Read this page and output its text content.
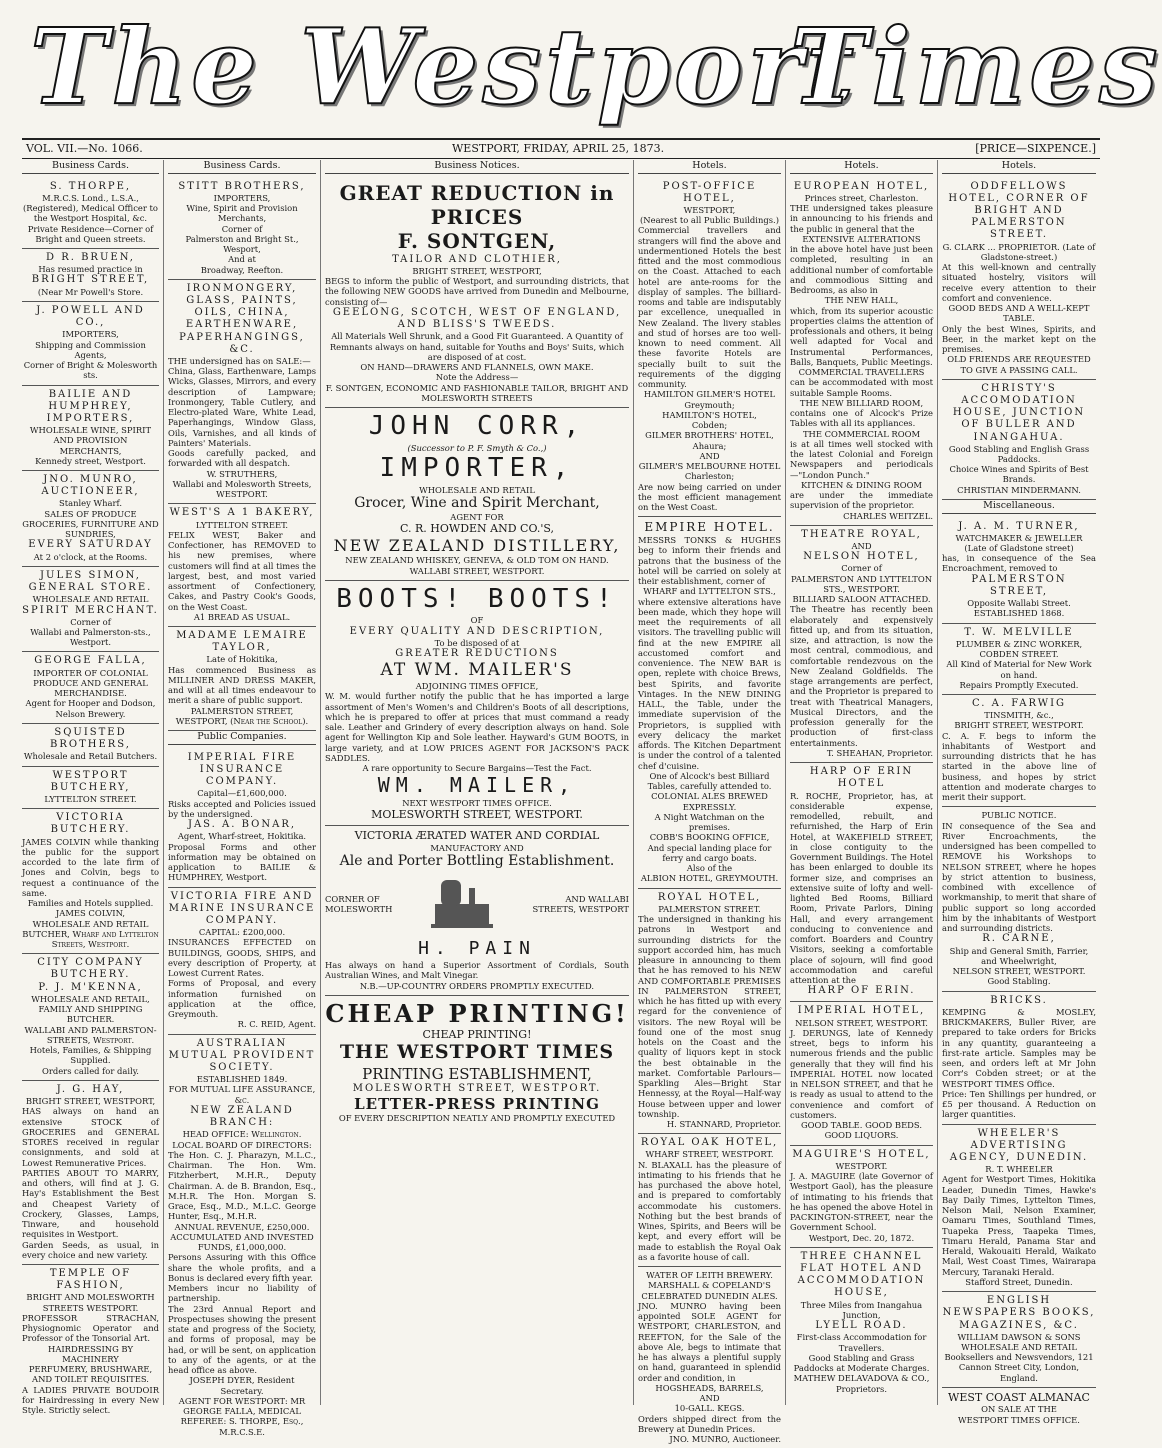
The Westport
Times
VOL. VII.—No. 1066.	WESTPORT, FRIDAY, APRIL 25, 1873.	[PRICE—SIXPENCE.]
Business Cards.
S. THORPE,
M.R.C.S. Lond., L.S.A., (Registered), Medical Officer to the Westport Hospital, &c.
Private Residence—Corner of Bright and Queen streets.
D R. BRUEN,
Has resumed practice in
BRIGHT STREET,
(Near Mr Powell's Store.
J. POWELL AND CO.,
IMPORTERS,
Shipping and Commission Agents,
Corner of Bright & Molesworth sts.
BAILIE AND HUMPHREY, IMPORTERS,
WHOLESALE WINE, SPIRIT AND PROVISION MERCHANTS,
Kennedy street, Westport.
JNO. MUNRO,
AUCTIONEER,
Stanley Wharf.
SALES OF PRODUCE GROCERIES, FURNITURE AND SUNDRIES,
EVERY SATURDAY
At 2 o'clock, at the Rooms.
JULES SIMON,
GENERAL STORE.
WHOLESALE AND RETAIL
SPIRIT MERCHANT.
Corner of
Wallabi and Palmerston-sts., Westport.
GEORGE FALLA,
IMPORTER OF COLONIAL PRODUCE AND GENERAL MERCHANDISE.
Agent for Hooper and Dodson, Nelson Brewery.
SQUISTED BROTHERS,
Wholesale and Retail Butchers.
WESTPORT BUTCHERY,
LYTTELTON STREET.
VICTORIA BUTCHERY.
JAMES COLVIN while thanking the public for the support accorded to the late firm of Jones and Colvin, begs to request a continuance of the same.
Families and Hotels supplied.
JAMES COLVIN,
WHOLESALE AND RETAIL BUTCHER, Wharf and Lyttelton Streets, Westport.
CITY COMPANY BUTCHERY.
P. J. M'KENNA,
WHOLESALE AND RETAIL, FAMILY AND SHIPPING BUTCHER.
WALLABI AND PALMERSTON-STREETS, Westport.
Hotels, Families, & Shipping Supplied.
Orders called for daily.
J. G. HAY,
BRIGHT STREET, WESTPORT,
HAS always on hand an extensive STOCK of GROCERIES and GENERAL STORES received in regular consignments, and sold at Lowest Remunerative Prices.
PARTIES ABOUT TO MARRY, and others, will find at J. G. Hay's Establishment the Best and Cheapest Variety of Crockery, Glasses, Lamps, Tinware, and household requisites in Westport.
Garden Seeds, as usual, in every choice and new variety.
TEMPLE OF FASHION,
BRIGHT AND MOLESWORTH STREETS WESTPORT.
PROFESSOR STRACHAN, Physiognomic Operator and Professor of the Tonsorial Art.
HAIRDRESSING BY MACHINERY
PERFUMERY, BRUSHWARE, AND TOILET REQUISITES.
A LADIES PRIVATE BOUDOIR for Hairdressing in every New Style. Strictly select.
Business Cards.
STITT BROTHERS,
IMPORTERS,
Wine, Spirit and Provision Merchants,
Corner of
Palmerston and Bright St., Wesport,
And at
Broadway, Reefton.
IRONMONGERY, GLASS, PAINTS, OILS, CHINA, EARTHENWARE, PAPERHANGINGS, &C.
THE undersigned has on SALE:—
China, Glass, Earthenware, Lamps Wicks, Glasses, Mirrors, and every description of Lampware; Ironmongery, Table Cutlery, and Electro-plated Ware, White Lead, Paperhangings, Window Glass, Oils, Varnishes, and all kinds of Painters' Materials.
Goods carefully packed, and forwarded with all despatch.
W. STRUTHERS,
Wallabi and Molesworth Streets, WESTPORT.
WEST'S A 1 BAKERY,
LYTTELTON STREET.
FELIX WEST, Baker and Confectioner, has REMOVED to his new premises, where customers will find at all times the largest, best, and most varied assortment of Confectionery, Cakes, and Pastry Cook's Goods, on the West Coast.
A1 BREAD AS USUAL.
MADAME LEMAIRE TAYLOR,
Late of Hokitika,
Has commenced Business as MILLINER AND DRESS MAKER, and will at all times endeavour to merit a share of public support.
PALMERSTON STREET, WESTPORT, (Near the School).
Public Companies.
IMPERIAL FIRE INSURANCE COMPANY.
Capital—£1,600,000.
Risks accepted and Policies issued by the undersigned.
JAS. A. BONAR,
Agent, Wharf-street, Hokitika.
Proposal Forms and other information may be obtained on application to BAILIE & HUMPHREY, Westport.
VICTORIA FIRE AND MARINE INSURANCE COMPANY.
CAPITAL: £200,000.
INSURANCES EFFECTED on BUILDINGS, GOODS, SHIPS, and every description of Property, at Lowest Current Rates.
Forms of Proposal, and every information furnished on application at the office, Greymouth.
R. C. REID, Agent.
AUSTRALIAN MUTUAL PROVIDENT SOCIETY.
ESTABLISHED 1849.
FOR MUTUAL LIFE ASSURANCE, &c.
NEW ZEALAND BRANCH:
HEAD OFFICE: Wellington.
LOCAL BOARD OF DIRECTORS:
The Hon. C. J. Pharazyn, M.L.C., Chairman. The Hon. Wm. Fitzherbert, M.H.R., Deputy Chairman. A. de B. Brandon, Esq., M.H.R. The Hon. Morgan S. Grace, Esq., M.D., M.L.C. George Hunter, Esq., M.H.R.
ANNUAL REVENUE, £250,000. ACCUMULATED AND INVESTED FUNDS, £1,000,000.
Persons Assuring with this Office share the whole profits, and a Bonus is declared every fifth year.
Members incur no liability of partnership.
The 23rd Annual Report and Prospectuses showing the present state and progress of the Society, and forms of proposal, may be had, or will be sent, on application to any of the agents, or at the head office as above.
JOSEPH DYER, Resident Secretary.
AGENT FOR WESTPORT: MR GEORGE FALLA, MEDICAL REFEREE: S. THORPE, Esq., M.R.C.S.E.
Business Notices.
GREAT REDUCTION in PRICES
F. SONTGEN,
TAILOR AND CLOTHIER,
BRIGHT STREET, WESTPORT,
BEGS to inform the public of Westport, and surrounding districts, that the following NEW GOODS have arrived from Dunedin and Melbourne, consisting of—
GEELONG, SCOTCH, WEST OF ENGLAND, AND BLISS'S TWEEDS.
All Materials Well Shrunk, and a Good Fit Guaranteed. A Quantity of Remnants always on hand, suitable for Youths and Boys' Suits, which are disposed of at cost.
ON HAND—DRAWERS AND FLANNELS, OWN MAKE.
Note the Address—
F. SONTGEN, ECONOMIC AND FASHIONABLE TAILOR, BRIGHT AND MOLESWORTH STREETS
JOHN CORR,
(Successor to P. F. Smyth & Co.,)
IMPORTER,
WHOLESALE AND RETAIL
Grocer, Wine and Spirit Merchant,
AGENT FOR
C. R. HOWDEN AND CO.'S,
NEW ZEALAND DISTILLERY,
NEW ZEALAND WHISKEY, GENEVA, & OLD TOM ON HAND.
WALLABI STREET, WESTPORT.
BOOTS! BOOTS!
OF
EVERY QUALITY AND DESCRIPTION,
To be disposed of at
GREATER REDUCTIONS
AT WM. MAILER'S
ADJOINING TIMES OFFICE,
W. M. would further notify the public that he has imported a large assortment of Men's Women's and Children's Boots of all descriptions, which he is prepared to offer at prices that must command a ready sale. Leather and Grindery of every description always on hand. Sole agent for Wellington Kip and Sole leather. Hayward's GUM BOOTS, in large variety, and at LOW PRICES AGENT FOR JACKSON'S PACK SADDLES.
A rare opportunity to Secure Bargains—Test the Fact.
WM. MAILER,
NEXT WESTPORT TIMES OFFICE.
MOLESWORTH STREET, WESTPORT.
VICTORIA ÆRATED WATER AND CORDIAL
MANUFACTORY AND
Ale and Porter Bottling Establishment.
CORNER OF
MOLESWORTH
AND WALLABI
STREETS, WESTPORT
H. PAIN
Has always on hand a Superior Assortment of Cordials, South Australian Wines, and Malt Vinegar.
N.B.—UP-COUNTRY ORDERS PROMPTLY EXECUTED.
CHEAP PRINTING!
CHEAP PRINTING!
THE WESTPORT TIMES
PRINTING ESTABLISHMENT,
MOLESWORTH STREET, WESTPORT.
LETTER-PRESS PRINTING
OF EVERY DESCRIPTION NEATLY AND PROMPTLY EXECUTED
Hotels.
POST-OFFICE HOTEL,
WESTPORT,
(Nearest to all Public Buildings.)
Commercial travellers and strangers will find the above and undermentioned Hotels the best fitted and the most commodious on the Coast. Attached to each hotel are ante-rooms for the display of samples. The billiard-rooms and table are indisputably par excellence, unequalled in New Zealand. The livery stables and stud of horses are too well-known to need comment. All these favorite Hotels are specially built to suit the requirements of the digging community.
HAMILTON GILMER'S HOTEL
Greymouth;
HAMILTON'S HOTEL,
Cobden;
GILMER BROTHERS' HOTEL,
Ahaura;
AND
GILMER'S MELBOURNE HOTEL
Charleston;
Are now being carried on under the most efficient management on the West Coast.
EMPIRE HOTEL.
MESSRS TONKS & HUGHES beg to inform their friends and patrons that the business of the hotel will be carried on solely at their establishment, corner of
WHARF and LYTTELTON STS.,
where extensive alterations have been made, which they hope will meet the requirements of all visitors. The travelling public will find at the new EMPIRE all accustomed comfort and convenience. The NEW BAR is open, replete with choice Brews, best Spirits, and favorite Vintages. In the NEW DINING HALL, the Table, under the immediate supervision of the Proprietors, is supplied with every delicacy the market affords. The Kitchen Department is under the control of a talented chef d'cuisine.
One of Alcock's best Billiard Tables, carefully attended to.
COLONIAL ALES BREWED EXPRESSLY.
A Night Watchman on the premises.
COBB'S BOOKING OFFICE,
And special landing place for ferry and cargo boats.
Also of the
ALBION HOTEL, GREYMOUTH.
ROYAL HOTEL,
PALMERSTON STREET.
The undersigned in thanking his patrons in Westport and surrounding districts for the support accorded him, has much pleasure in announcing to them that he has removed to his NEW AND COMFORTABLE PREMISES IN PALMERSTON STREET, which he has fitted up with every regard for the convenience of visitors. The new Royal will be found one of the most snug hotels on the Coast and the quality of liquors kept in stock the best obtainable in the market. Comfortable Parlours—Sparkling Ales—Bright Star Hennessy, at the Royal—Half-way House between upper and lower township.
H. STANNARD, Proprietor.
ROYAL OAK HOTEL,
WHARF STREET, WESTPORT.
N. BLAXALL has the pleasure of intimating to his friends that he has purchased the above hotel, and is prepared to comfortably accommodate his customers. Nothing but the best brands of Wines, Spirits, and Beers will be kept, and every effort will be made to establish the Royal Oak as a favorite house of call.
WATER OF LEITH BREWERY.
MARSHALL & COPELAND'S CELEBRATED DUNEDIN ALES.
JNO. MUNRO having been appointed SOLE AGENT for WESTPORT, CHARLESTON, and REEFTON, for the Sale of the above Ale, begs to intimate that he has always a plentiful supply on hand, guaranteed in splendid order and condition, in
HOGSHEADS, BARRELS,
AND
10-GALL. KEGS.
Orders shipped direct from the Brewery at Dunedin Prices.
JNO. MUNRO, Auctioneer.
Hotels.
EUROPEAN HOTEL,
Princes street, Charleston.
THE undersigned takes pleasure in announcing to his friends and the public in general that the
EXTENSIVE ALTERATIONS
in the above hotel have just been completed, resulting in an additional number of comfortable and commodious Sitting and Bedrooms, as also in
THE NEW HALL,
which, from its superior acoustic properties claims the attention of professionals and others, it being well adapted for Vocal and Instrumental Performances, Balls, Banquets, Public Meetings.
COMMERCIAL TRAVELLERS
can be accommodated with most suitable Sample Rooms.
THE NEW BILLIARD ROOM,
contains one of Alcock's Prize Tables with all its appliances.
THE COMMERCIAL ROOM
is at all times well stocked with the latest Colonial and Foreign Newspapers and periodicals—"London Punch."
KITCHEN & DINING ROOM
are under the immediate supervision of the proprietor.
CHARLES WEITZEL.
THEATRE ROYAL,
AND
NELSON HOTEL,
Corner of
PALMERSTON AND LYTTELTON STS., WESTPORT.
BILLIARD SALOON ATTACHED.
The Theatre has recently been elaborately and expensively fitted up, and from its situation, size, and attraction, is now the most central, commodious, and comfortable rendezvous on the New Zealand Goldfields. The stage arrangements are perfect, and the Proprietor is prepared to treat with Theatrical Managers, Musical Directors, and the profession generally for the production of first-class entertainments.
T. SHEAHAN, Proprietor.
HARP OF ERIN HOTEL
R. ROCHE, Proprietor, has, at considerable expense, remodelled, rebuilt, and refurnished, the Harp of Erin Hotel, at WAKEFIELD STREET, in close contiguity to the Government Buildings. The Hotel has been enlarged to double its former size, and comprises an extensive suite of lofty and well-lighted Bed Rooms, Billiard Room, Private Parlors, Dining Hall, and every arrangement conducing to convenience and comfort. Boarders and Country Visitors, seeking a comfortable place of sojourn, will find good accommodation and careful attention at the
HARP OF ERIN.
IMPERIAL HOTEL,
NELSON STREET, WESTPORT.
J. DERUNGS, late of Kennedy street, begs to inform his numerous friends and the public generally that they will find his IMPERIAL HOTEL now located in NELSON STREET, and that he is ready as usual to attend to the convenience and comfort of customers.
GOOD TABLE. GOOD BEDS.
GOOD LIQUORS.
MAGUIRE'S HOTEL,
WESTPORT.
J. A. MAGUIRE (late Governor of Westport Gaol), has the pleasure of intimating to his friends that he has opened the above Hotel in PACKINGTON-STREET, near the Government School.
Westport, Dec. 20, 1872.
THREE CHANNEL FLAT HOTEL AND ACCOMMODATION HOUSE,
Three Miles from Inangahua Junction,
LYELL ROAD.
First-class Accommodation for Travellers.
Good Stabling and Grass Paddocks at Moderate Charges.
MATHEW DELAVADOVA & CO., Proprietors.
Hotels.
ODDFELLOWS HOTEL, CORNER OF BRIGHT AND PALMERSTON STREET.
G. CLARK ... PROPRIETOR. (Late of Gladstone-street.)
At this well-known and centrally situated hostelry, visitors will receive every attention to their comfort and convenience.
GOOD BEDS AND A WELL-KEPT TABLE.
Only the best Wines, Spirits, and Beer, in the market kept on the premises.
OLD FRIENDS ARE REQUESTED TO GIVE A PASSING CALL.
CHRISTY'S ACCOMODATION HOUSE, JUNCTION OF BULLER AND INANGAHUA.
Good Stabling and English Grass Paddocks.
Choice Wines and Spirits of Best Brands.
CHRISTIAN MINDERMANN.
Miscellaneous.
J. A. M. TURNER,
WATCHMAKER & JEWELLER
(Late of Gladstone street)
has, in consequence of the Sea Encroachment, removed to
PALMERSTON STREET,
Opposite Wallabi Street.
ESTABLISHED 1868.
T. W. MELVILLE
PLUMBER & ZINC WORKER,
COBDEN STREET.
All Kind of Material for New Work on hand.
Repairs Promptly Executed.
C. A. FARWIG
TINSMITH, &c.,
BRIGHT STREET, WESTPORT.
C. A. F. begs to inform the inhabitants of Westport and surrounding districts that he has started in the above line of business, and hopes by strict attention and moderate charges to merit their support.
PUBLIC NOTICE.
IN consequence of the Sea and River Encroachments, the undersigned has been compelled to REMOVE his Workshops to NELSON STREET, where he hopes by strict attention to business, combined with excellence of workmanship, to merit that share of public support so long accorded him by the inhabitants of Westport and surrounding districts.
R. CARNE,
Ship and General Smith, Farrier, and Wheelwright,
NELSON STREET, WESTPORT.
Good Stabling.
BRICKS.
KEMPING & MOSLEY, BRICKMAKERS, Buller River, are prepared to take orders for Bricks in any quantity, guaranteeing a first-rate article. Samples may be seen, and orders left at Mr John Corr's Cobden street; or at the WESTPORT TIMES Office.
Price: Ten Shillings per hundred, or £5 per thousand. A Reduction on larger quantities.
WHEELER'S ADVERTISING AGENCY, DUNEDIN.
R. T. WHEELER
Agent for Westport Times, Hokitika Leader, Dunedin Times, Hawke's Bay Daily Times, Lyttelton Times, Nelson Mail, Nelson Examiner, Oamaru Times, Southland Times, Tuapeka Press, Taapeka Times, Timaru Herald, Panama Star and Herald, Wakouaiti Herald, Waikato Mail, West Coast Times, Wairarapa Mercury, Taranaki Herald.
Stafford Street, Dunedin.
ENGLISH NEWSPAPERS BOOKS, MAGAZINES, &C.
WILLIAM DAWSON & SONS WHOLESALE AND RETAIL Booksellers and Newsvendors, 121 Cannon Street City, London, England.
WEST COAST ALMANAC
ON SALE AT THE
WESTPORT TIMES OFFICE.
